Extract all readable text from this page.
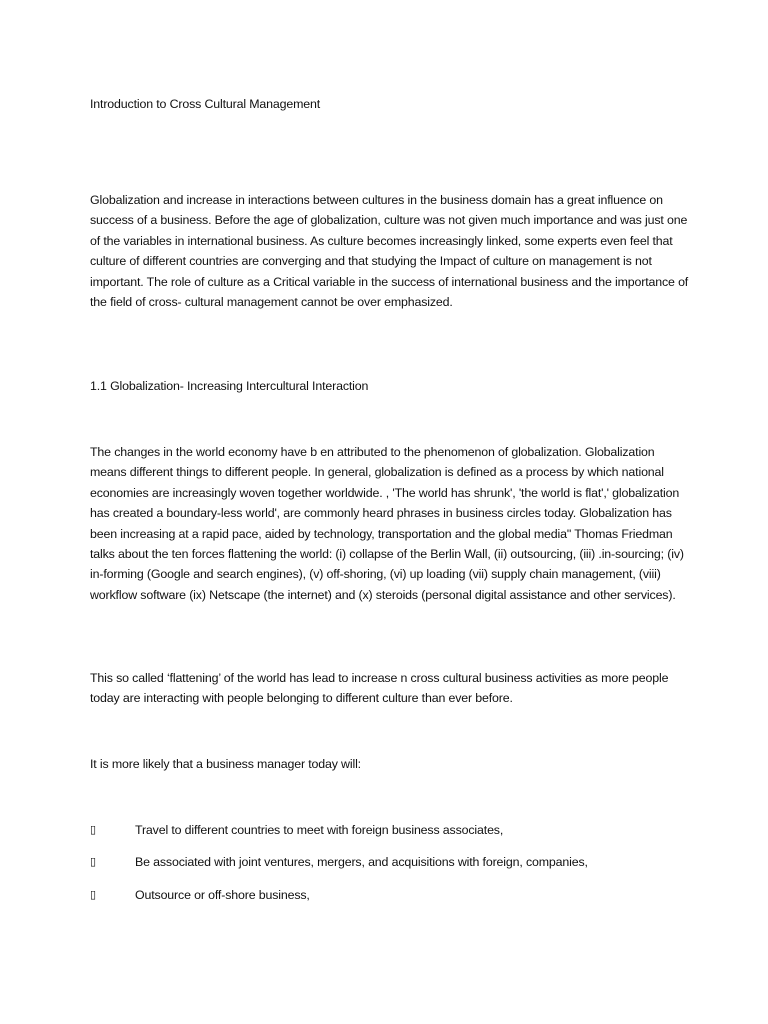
Introduction to Cross Cultural Management

Globalization and increase in interactions between cultures in the business domain has a great influence on success of a business. Before the age of globalization, culture was not given much importance and was just one of the variables in international business. As culture becomes increasingly linked, some experts even feel that culture of different countries are converging and that studying the Impact of culture on management is not important. The role of culture as a Critical variable in the success of international business and the importance of the field of cross- cultural management cannot be over emphasized.

1.1 Globalization- Increasing Intercultural Interaction

The changes in the world economy have b en attributed to the phenomenon of globalization. Globalization means different things to different people. In general, globalization is defined as a process by which national economies are increasingly woven together worldwide. , 'The world has shrunk', 'the world is flat',' globalization has created a boundary-less world', are commonly heard phrases in business circles today. Globalization has been increasing at a rapid pace, aided by technology, transportation and the global media" Thomas Friedman talks about the ten forces flattening the world: (i) collapse of the Berlin Wall, (ii) outsourcing, (iii) .in-sourcing; (iv) in-forming (Google and search engines), (v) off-shoring, (vi) up loading (vii) supply chain management, (viii) workflow software (ix) Netscape (the internet) and (x) steroids (personal digital assistance and other services).

This so called ‘flattening’ of the world has lead to increase n cross cultural business activities as more people today are interacting with people belonging to different culture than ever before.

It is more likely that a business manager today will:

▯	Travel to different countries to meet with foreign business associates,
▯	Be associated with joint ventures, mergers, and acquisitions with foreign, companies,
▯	Outsource or off-shore business,
